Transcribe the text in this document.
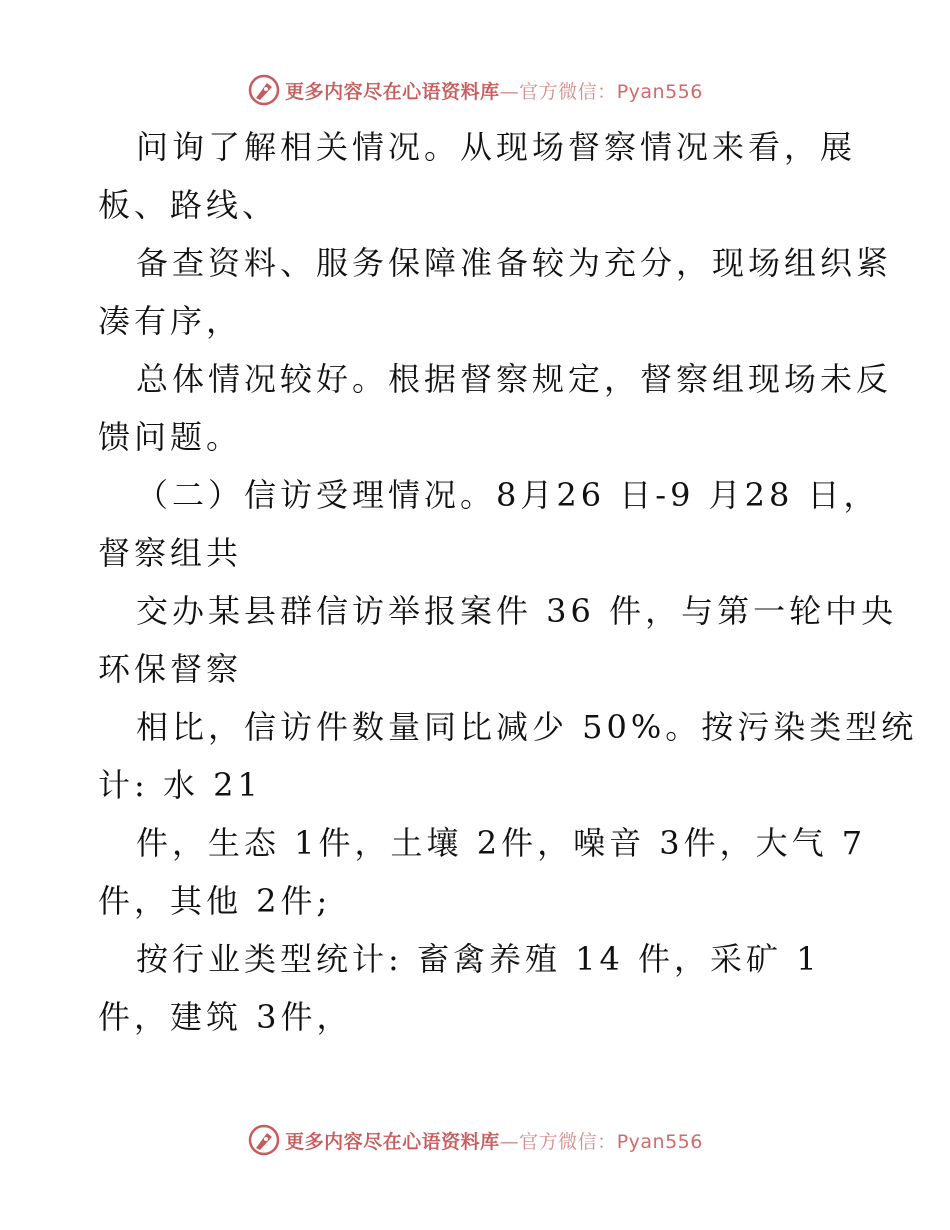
更多内容尽在心语资料库—官方微信：Pyan556
问询了解相关情况。从现场督察情况来看，展
板、路线、
备查资料、服务保障准备较为充分，现场组织紧
凑有序，
总体情况较好。根据督察规定，督察组现场未反
馈问题。
（二）信访受理情况。8月26 日-9 月28 日，
督察组共
交办某县群信访举报案件 36 件，与第一轮中央
环保督察
相比，信访件数量同比减少 50%。按污染类型统
计: 水 21
件，生态 1件，土壤 2件，噪音 3件，大气 7
件，其他 2件;
按行业类型统计: 畜禽养殖 14 件，采矿 1
件，建筑 3件，
更多内容尽在心语资料库—官方微信：Pyan556
